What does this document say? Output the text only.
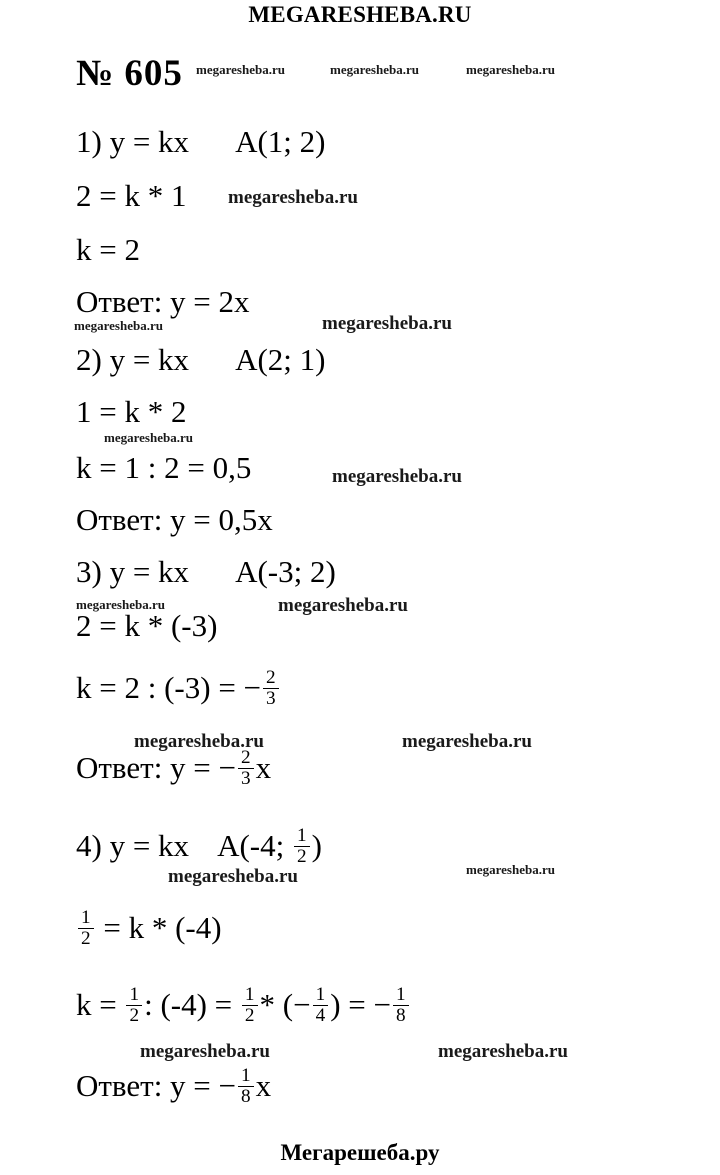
MEGARESHEBA.RU
№ 605 megaresheba.ru	megaresheba.ru	megaresheba.ru
megaresheba.ru
megaresheba.ru	megaresheba.ru
megaresheba.ru
megaresheba.ru
megaresheba.ru	megaresheba.ru
megaresheba.ru	megaresheba.ru
megaresheba.ru	megaresheba.ru
megaresheba.ru	megaresheba.ru
1) y = kx A(1; 2)
2 = k * 1
k = 2
Ответ: y = 2x
2) y = kx A(2; 1)
1 = k * 2
k = 1 : 2 = 0,5
Ответ: y = 0,5x
3) y = kx A(-3; 2)
2 = k * (-3)
k = 2 : (-3) = − $\frac{2}{3}$
Ответ: y = − $\frac{2}{3}$ x
4) y = kx A(-4; $\frac{1}{2}$ )
$\frac{1}{2} = k * (-4)$
$k = \frac{1}{2}$ : $(-4) = \frac{1}{2}$ * (− $\frac{1}{4}$ ) = − $\frac{1}{8}$
Ответ: y = − $\frac{1}{8}$ x
Мегарешеба.ру
